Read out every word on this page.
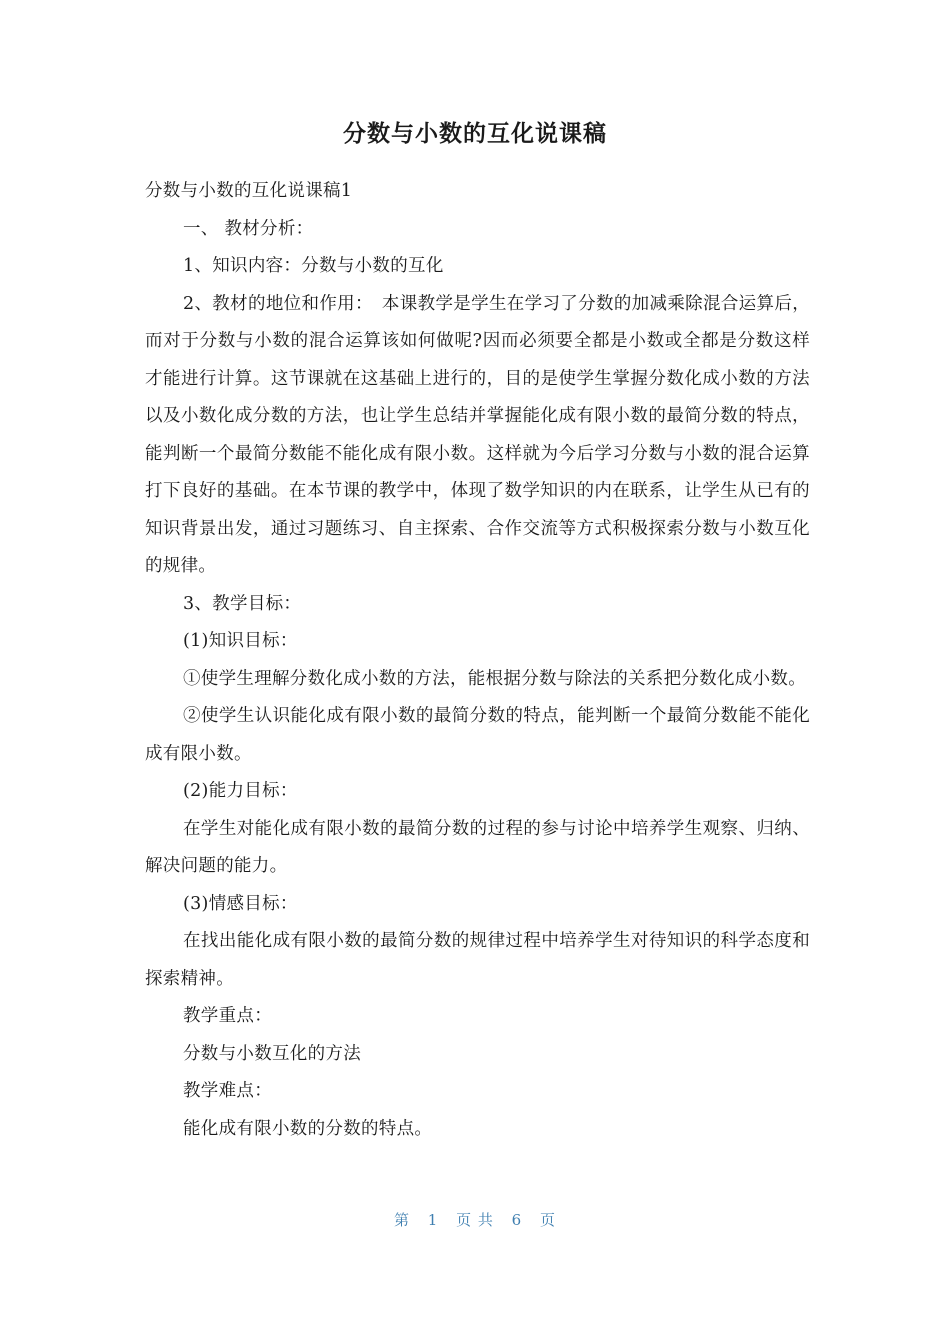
分数与小数的互化说课稿

分数与小数的互化说课稿1

一、 教材分析：

1、知识内容：分数与小数的互化

2、教材的地位和作用：　本课教学是学生在学习了分数的加减乘除混合运算后，而对于分数与小数的混合运算该如何做呢?因而必须要全都是小数或全都是分数这样才能进行计算。这节课就在这基础上进行的，目的是使学生掌握分数化成小数的方法以及小数化成分数的方法，也让学生总结并掌握能化成有限小数的最简分数的特点，能判断一个最简分数能不能化成有限小数。这样就为今后学习分数与小数的混合运算打下良好的基础。在本节课的教学中，体现了数学知识的内在联系，让学生从已有的知识背景出发，通过习题练习、自主探索、合作交流等方式积极探索分数与小数互化的规律。

3、教学目标：

(1)知识目标：

①使学生理解分数化成小数的方法，能根据分数与除法的关系把分数化成小数。

②使学生认识能化成有限小数的最简分数的特点，能判断一个最简分数能不能化成有限小数。

(2)能力目标：

在学生对能化成有限小数的最简分数的过程的参与讨论中培养学生观察、归纳、解决问题的能力。

(3)情感目标：

在找出能化成有限小数的最简分数的规律过程中培养学生对待知识的科学态度和探索精神。

教学重点：

分数与小数互化的方法

教学难点：

能化成有限小数的分数的特点。

第 1 页 共 6 页
